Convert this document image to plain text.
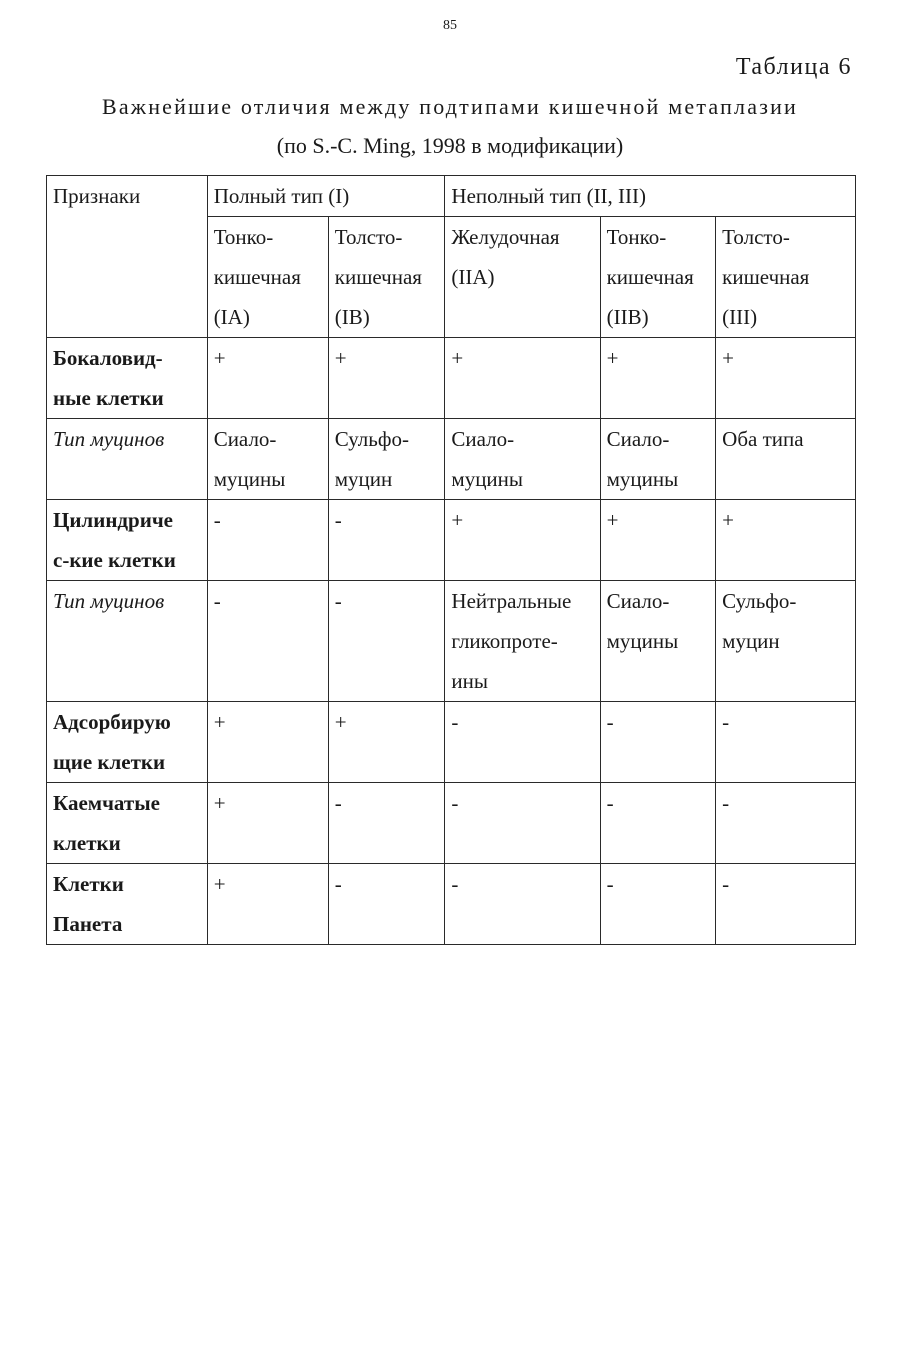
85
Таблица 6
Важнейшие отличия между подтипами кишечной метаплазии
(по S.-C. Ming, 1998 в модификации)
Признаки	Полный тип (I)		Неполный тип (II, III)		
	Тонко-
кишечная
(IA)	Толсто-
кишечная
(IB)	Желудочная
(IIA)	Тонко-
кишечная
(IIB)	Толсто-
кишечная
(III)
Бокаловид-
ные клетки	+	+	+	+	+
Тип муцинов	Сиало-
муцины	Сульфо-
муцин	Сиало-
муцины	Сиало-
муцины	Оба типа
Цилиндриче
с-кие клетки	-	-	+	+	+
Тип муцинов	-	-	Нейтральные
гликопроте-
ины	Сиало-
муцины	Сульфо-
муцин
Адсорбирую
щие клетки	+	+	-	-	-
Каемчатые
клетки	+	-	-	-	-
Клетки
Панета	+	-	-	-	-
